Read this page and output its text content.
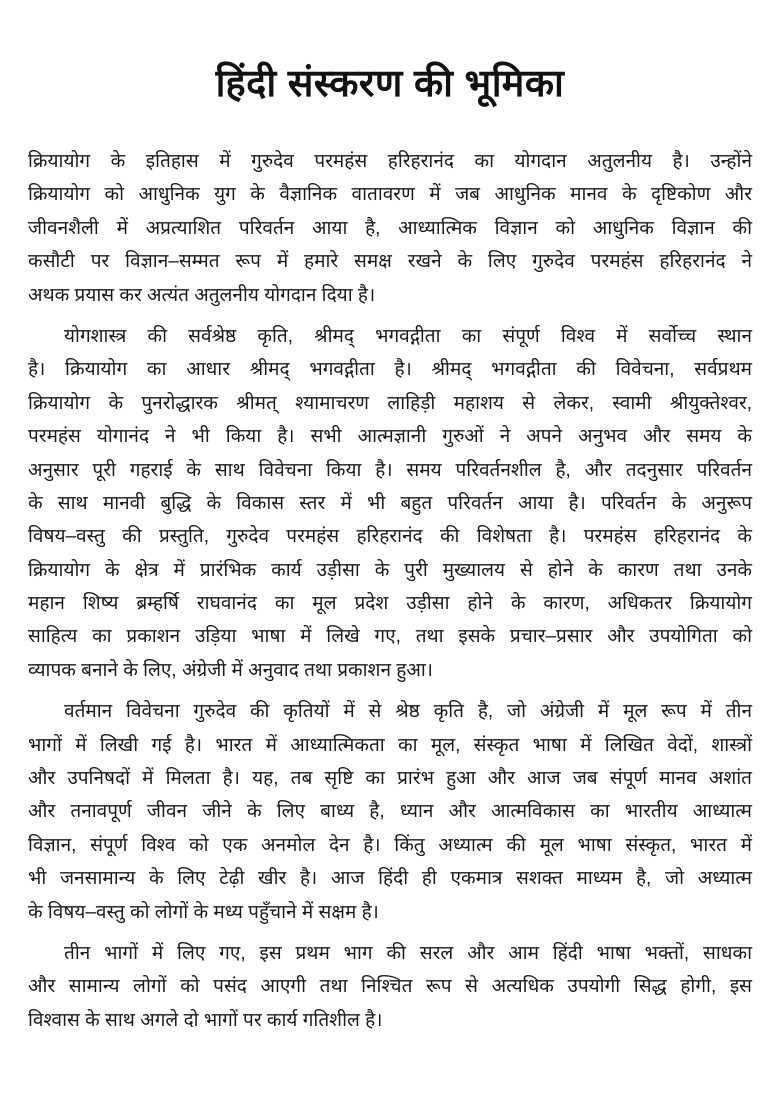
हिंदी संस्करण की भूमिका
क्रियायोग के इतिहास में गुरुदेव परमहंस हरिहरानंद का योगदान अतुलनीय है। उन्होंने
क्रियायोग को आधुनिक युग के वैज्ञानिक वातावरण में जब आधुनिक मानव के दृष्टिकोण और
जीवनशैली में अप्रत्याशित परिवर्तन आया है, आध्यात्मिक विज्ञान को आधुनिक विज्ञान की
कसौटी पर विज्ञान–सम्मत रूप में हमारे समक्ष रखने के लिए गुरुदेव परमहंस हरिहरानंद ने
अथक प्रयास कर अत्यंत अतुलनीय योगदान दिया है।
योगशास्त्र की सर्वश्रेष्ठ कृति, श्रीमद् भगवद्गीता का संपूर्ण विश्व में सर्वोच्च स्थान
है। क्रियायोग का आधार श्रीमद् भगवद्गीता है। श्रीमद् भगवद्गीता की विवेचना, सर्वप्रथम
क्रियायोग के पुनरोद्धारक श्रीमत् श्यामाचरण लाहिड़ी महाशय से लेकर, स्वामी श्रीयुक्तेश्वर,
परमहंस योगानंद ने भी किया है। सभी आत्मज्ञानी गुरुओं ने अपने अनुभव और समय के
अनुसार पूरी गहराई के साथ विवेचना किया है। समय परिवर्तनशील है, और तदनुसार परिवर्तन
के साथ मानवी बुद्धि के विकास स्तर में भी बहुत परिवर्तन आया है। परिवर्तन के अनुरूप
विषय–वस्तु की प्रस्तुति, गुरुदेव परमहंस हरिहरानंद की विशेषता है। परमहंस हरिहरानंद के
क्रियायोग के क्षेत्र में प्रारंभिक कार्य उड़ीसा के पुरी मुख्यालय से होने के कारण तथा उनके
महान शिष्य ब्रम्हर्षि राघवानंद का मूल प्रदेश उड़ीसा होने के कारण, अधिकतर क्रियायोग
साहित्य का प्रकाशन उड़िया भाषा में लिखे गए, तथा इसके प्रचार–प्रसार और उपयोगिता को
व्यापक बनाने के लिए, अंग्रेजी में अनुवाद तथा प्रकाशन हुआ।
वर्तमान विवेचना गुरुदेव की कृतियों में से श्रेष्ठ कृति है, जो अंग्रेजी में मूल रूप में तीन
भागों में लिखी गई है। भारत में आध्यात्मिकता का मूल, संस्कृत भाषा में लिखित वेदों, शास्त्रों
और उपनिषदों में मिलता है। यह, तब सृष्टि का प्रारंभ हुआ और आज जब संपूर्ण मानव अशांत
और तनावपूर्ण जीवन जीने के लिए बाध्य है, ध्यान और आत्मविकास का भारतीय आध्यात्म
विज्ञान, संपूर्ण विश्व को एक अनमोल देन है। किंतु अध्यात्म की मूल भाषा संस्कृत, भारत में
भी जनसामान्य के लिए टेढ़ी खीर है। आज हिंदी ही एकमात्र सशक्त माध्यम है, जो अध्यात्म
के विषय–वस्तु को लोगों के मध्य पहुँचाने में सक्षम है।
तीन भागों में लिए गए, इस प्रथम भाग की सरल और आम हिंदी भाषा भक्तों, साधका
और सामान्य लोगों को पसंद आएगी तथा निश्चित रूप से अत्यधिक उपयोगी सिद्ध होगी, इस
विश्वास के साथ अगले दो भागों पर कार्य गतिशील है।
